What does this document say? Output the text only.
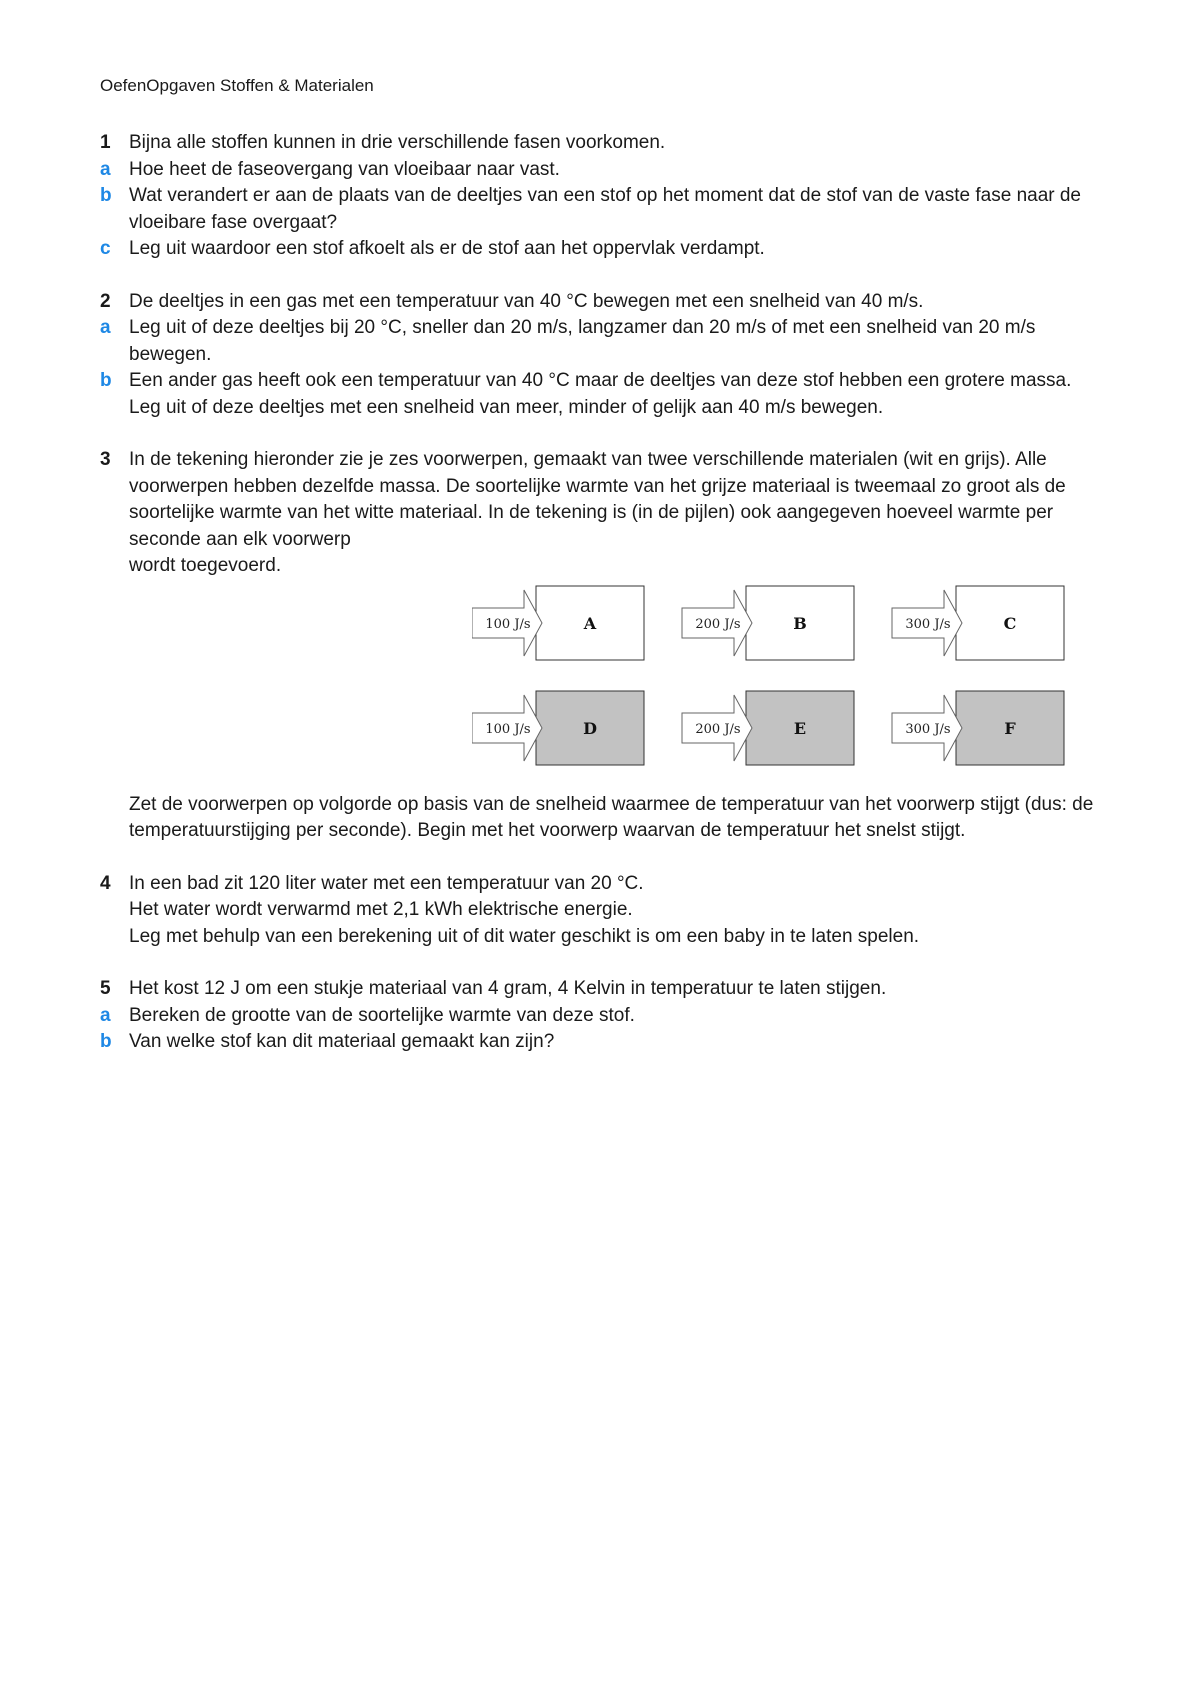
OefenOpgaven Stoffen & Materialen
1 Bijna alle stoffen kunnen in drie verschillende fasen voorkomen.
a Hoe heet de faseovergang van vloeibaar naar vast.
b Wat verandert er aan de plaats van de deeltjes van een stof op het moment dat de stof van de vaste fase naar de vloeibare fase overgaat?
c Leg uit waardoor een stof afkoelt als er de stof aan het oppervlak verdampt.
2 De deeltjes in een gas met een temperatuur van 40 °C bewegen met een snelheid van 40 m/s.
a Leg uit of deze deeltjes bij 20 °C, sneller dan 20 m/s, langzamer dan 20 m/s of met een snelheid van 20 m/s bewegen.
b Een ander gas heeft ook een temperatuur van 40 °C maar de deeltjes van deze stof hebben een grotere massa.
Leg uit of deze deeltjes met een snelheid van meer, minder of gelijk aan 40 m/s bewegen.
3 In de tekening hieronder zie je zes voorwerpen, gemaakt van twee verschillende materialen (wit en grijs). Alle voorwerpen hebben dezelfde massa. De soortelijke warmte van het grijze materiaal is tweemaal zo groot als de soortelijke warmte van het witte materiaal. In de tekening is (in de pijlen) ook aangegeven hoeveel warmte per seconde aan elk voorwerp
wordt toegevoerd.
100 J/s	A	200 J/s	B	300 J/s	C
100 J/s	D	200 J/s	E	300 J/s	F
Zet de voorwerpen op volgorde op basis van de snelheid waarmee de temperatuur van het voorwerp stijgt (dus: de temperatuurstijging per seconde). Begin met het voorwerp waarvan de temperatuur het snelst stijgt.
4 In een bad zit 120 liter water met een temperatuur van 20 °C.
Het water wordt verwarmd met 2,1 kWh elektrische energie.
Leg met behulp van een berekening uit of dit water geschikt is om een baby in te laten spelen.
5 Het kost 12 J om een stukje materiaal van 4 gram, 4 Kelvin in temperatuur te laten stijgen.
a Bereken de grootte van de soortelijke warmte van deze stof.
b Van welke stof kan dit materiaal gemaakt kan zijn?
